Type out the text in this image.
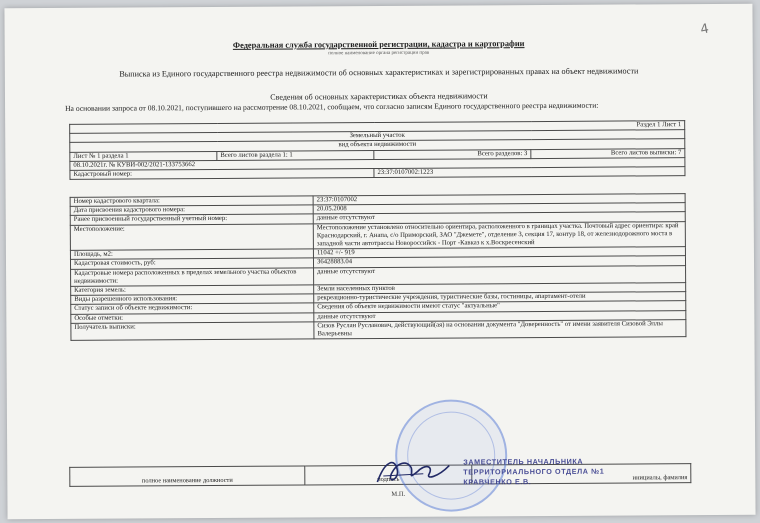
4
Федеральная служба государственной регистрации, кадастра и картографии
полное наименование органа регистрации прав
Выписка из Единого государственного реестра недвижимости об основных характеристиках и зарегистрированных правах на объект недвижимости
Сведения об основных характеристиках объекта недвижимости
На основании запроса от 08.10.2021, поступившего на рассмотрение 08.10.2021, сообщаем, что согласно записям Единого государственного реестра недвижимости:
Раздел 1 Лист 1			
Земельный участок			
вид объекта недвижимости			
Лист № 1 раздела 1	Всего листов раздела 1: 1	Всего разделов: 3	Всего листов выписки: 7
08.10.2021г. № КУВИ-002/2021-133753662			
Кадастровый номер:		23:37:0107002:1223	
Номер кадастрового квартала:	23:37:0107002
Дата присвоения кадастрового номера:	20.05.2008
Ранее присвоенный государственный учетный номер:	данные отсутствуют
Местоположение:	Местоположение установлено относительно ориентира, расположенного в границах участка. Почтовый адрес ориентира: край Краснодарский, г. Анапа, с/о Приморский, ЗАО "Джемете", отделение 3, секция 17, контур 18, от железнодорожного моста в западной части автотрассы Новороссийск - Порт -Кавказ к х.Воскресенский
Площадь, м2:	11042 +/- 919
Кадастровая стоимость, руб:	36428883.04
Кадастровые номера расположенных в пределах земельного участка объектов недвижимости:	данные отсутствуют
Категория земель:	Земли населенных пунктов
Виды разрешенного использования:	рекреационно-туристические учреждения, туристические базы, гостиницы, апартамент-отели
Статус записи об объекте недвижимости:	Сведения об объекте недвижимости имеют статус "актуальные"
Особые отметки:	данные отсутствуют
Получатель выписки:	Сизов Руслан Русланович, действующий(ая) на основании документа "Доверенность" от имени заявителя Сизовой Эллы Валерьевны
полное наименование должности	подпись	инициалы, фамилия
ЗАМЕСТИТЕЛЬ НАЧАЛЬНИКА
ТЕРРИТОРИАЛЬНОГО ОТДЕЛА №1
КРАВЧЕНКО Е.В.
М.П.
